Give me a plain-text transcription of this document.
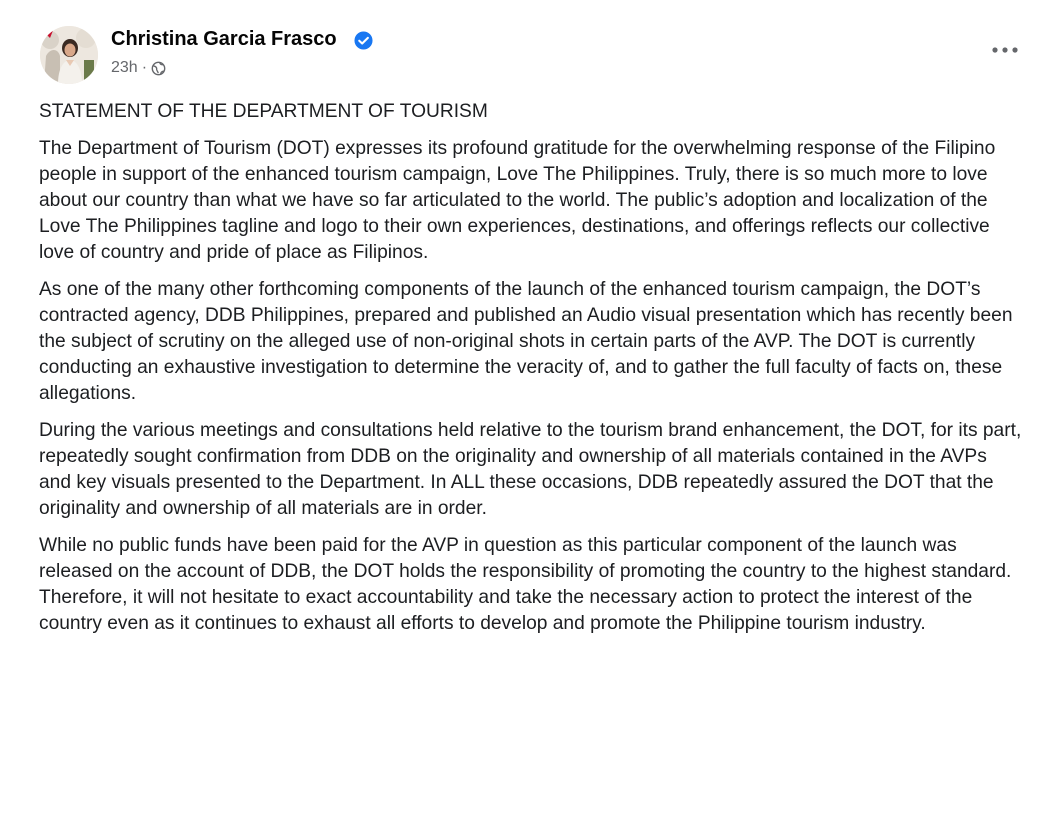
Christina Garcia Frasco
23h ·

STATEMENT OF THE DEPARTMENT OF TOURISM

The Department of Tourism (DOT) expresses its profound gratitude for the overwhelming response of the Filipino people in support of the enhanced tourism campaign, Love The Philippines. Truly, there is so much more to love about our country than what we have so far articulated to the world. The public’s adoption and localization of the Love The Philippines tagline and logo to their own experiences, destinations, and offerings reflects our collective love of country and pride of place as Filipinos.

As one of the many other forthcoming components of the launch of the enhanced tourism campaign, the DOT’s contracted agency, DDB Philippines, prepared and published an Audio visual presentation which has recently been the subject of scrutiny on the alleged use of non-original shots in certain parts of the AVP. The DOT is currently conducting an exhaustive investigation to determine the veracity of, and to gather the full faculty of facts on, these allegations.

During the various meetings and consultations held relative to the tourism brand enhancement, the DOT, for its part, repeatedly sought confirmation from DDB on the originality and ownership of all materials contained in the AVPs and key visuals presented to the Department. In ALL these occasions, DDB repeatedly assured the DOT that the originality and ownership of all materials are in order.

While no public funds have been paid for the AVP in question as this particular component of the launch was released on the account of DDB, the DOT holds the responsibility of promoting the country to the highest standard. Therefore, it will not hesitate to exact accountability and take the necessary action to protect the interest of the country even as it continues to exhaust all efforts to develop and promote the Philippine tourism industry.
